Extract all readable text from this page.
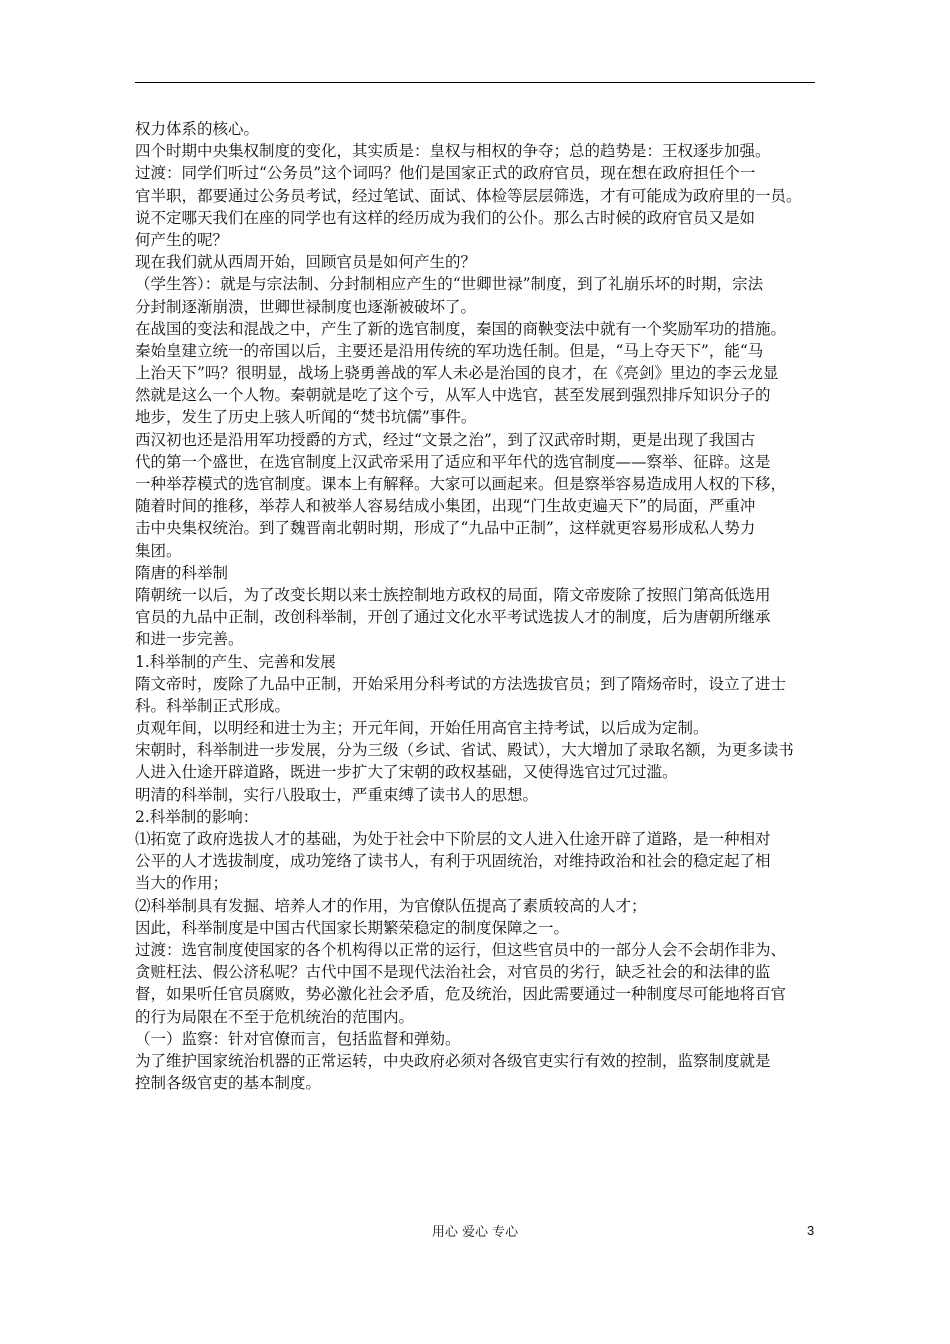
权力体系的核心。
四个时期中央集权制度的变化，其实质是：皇权与相权的争夺；总的趋势是：王权逐步加强。
过渡：同学们听过“公务员”这个词吗？他们是国家正式的政府官员，现在想在政府担任个一
官半职，都要通过公务员考试，经过笔试、面试、体检等层层筛选，才有可能成为政府里的一员。
说不定哪天我们在座的同学也有这样的经历成为我们的公仆。那么古时候的政府官员又是如
何产生的呢？
现在我们就从西周开始，回顾官员是如何产生的？
（学生答）：就是与宗法制、分封制相应产生的“世卿世禄”制度，到了礼崩乐坏的时期，宗法
分封制逐渐崩溃，世卿世禄制度也逐渐被破坏了。
在战国的变法和混战之中，产生了新的选官制度，秦国的商鞅变法中就有一个奖励军功的措施。
秦始皇建立统一的帝国以后，主要还是沿用传统的军功选任制。但是，“马上夺天下”，能“马
上治天下”吗？很明显，战场上骁勇善战的军人未必是治国的良才，在《亮剑》里边的李云龙显
然就是这么一个人物。秦朝就是吃了这个亏，从军人中选官，甚至发展到强烈排斥知识分子的
地步，发生了历史上骇人听闻的“焚书坑儒”事件。
西汉初也还是沿用军功授爵的方式，经过“文景之治”，到了汉武帝时期，更是出现了我国古
代的第一个盛世，在选官制度上汉武帝采用了适应和平年代的选官制度——察举、征辟。这是
一种举荐模式的选官制度。课本上有解释。大家可以画起来。但是察举容易造成用人权的下移，
随着时间的推移，举荐人和被举人容易结成小集团，出现“门生故吏遍天下”的局面，严重冲
击中央集权统治。到了魏晋南北朝时期，形成了“九品中正制”，这样就更容易形成私人势力
集团。
隋唐的科举制
隋朝统一以后，为了改变长期以来士族控制地方政权的局面，隋文帝废除了按照门第高低选用
官员的九品中正制，改创科举制，开创了通过文化水平考试选拔人才的制度，后为唐朝所继承
和进一步完善。
1.科举制的产生、完善和发展
隋文帝时，废除了九品中正制，开始采用分科考试的方法选拔官员；到了隋炀帝时，设立了进士
科。科举制正式形成。
贞观年间，以明经和进士为主；开元年间，开始任用高官主持考试，以后成为定制。
宋朝时，科举制进一步发展，分为三级（乡试、省试、殿试），大大增加了录取名额，为更多读书
人进入仕途开辟道路，既进一步扩大了宋朝的政权基础，又使得选官过冗过滥。
明清的科举制，实行八股取士，严重束缚了读书人的思想。
2.科举制的影响：
⑴拓宽了政府选拔人才的基础，为处于社会中下阶层的文人进入仕途开辟了道路，是一种相对
公平的人才选拔制度，成功笼络了读书人，有利于巩固统治，对维持政治和社会的稳定起了相
当大的作用；
⑵科举制具有发掘、培养人才的作用，为官僚队伍提高了素质较高的人才；
因此，科举制度是中国古代国家长期繁荣稳定的制度保障之一。
过渡：选官制度使国家的各个机构得以正常的运行，但这些官员中的一部分人会不会胡作非为、
贪赃枉法、假公济私呢？古代中国不是现代法治社会，对官员的劣行，缺乏社会的和法律的监
督，如果听任官员腐败，势必激化社会矛盾，危及统治，因此需要通过一种制度尽可能地将百官
的行为局限在不至于危机统治的范围内。
（一）监察：针对官僚而言，包括监督和弹劾。
为了维护国家统治机器的正常运转，中央政府必须对各级官吏实行有效的控制，监察制度就是
控制各级官吏的基本制度。
用心 爱心 专心	3
